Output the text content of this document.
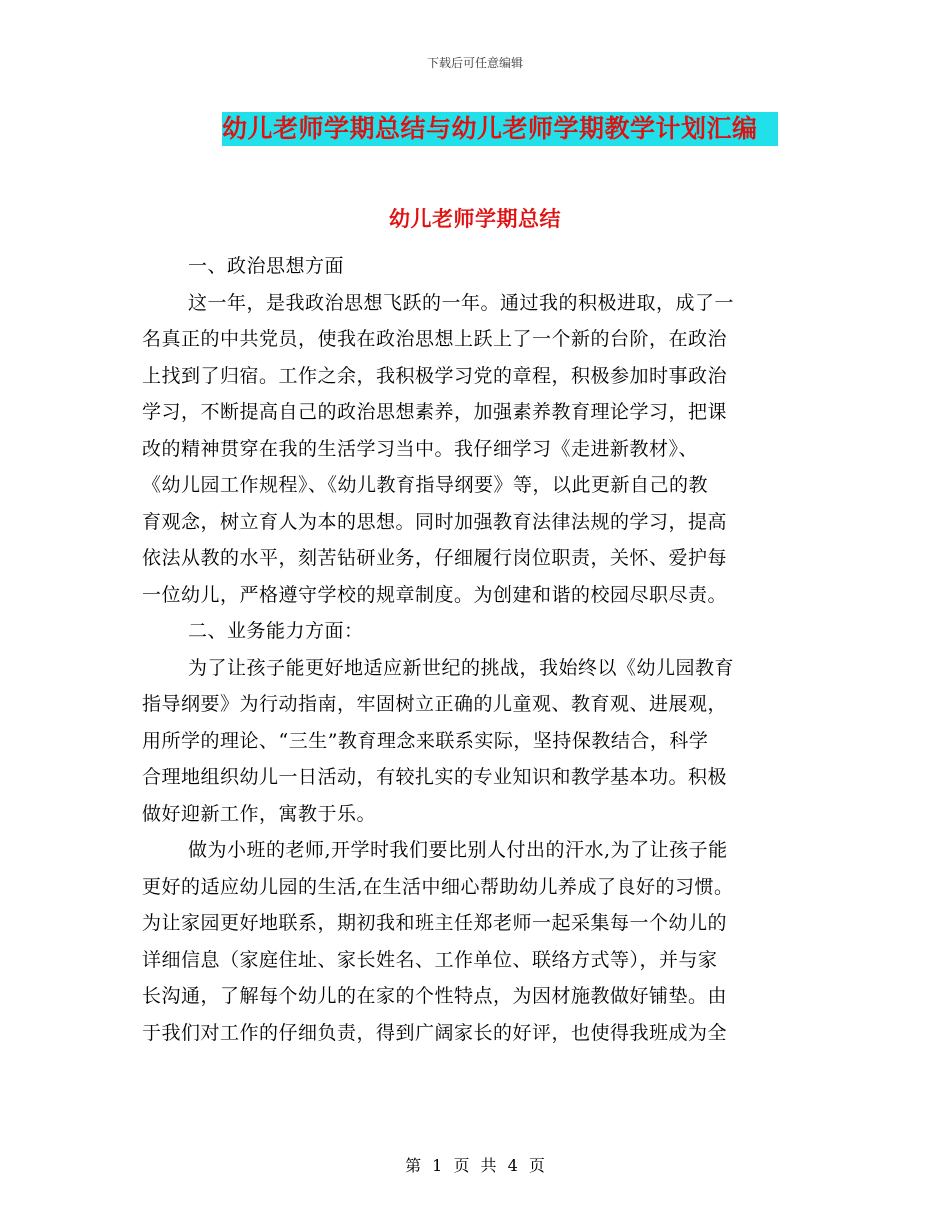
下载后可任意编辑
幼儿老师学期总结与幼儿老师学期教学计划汇编
幼儿老师学期总结
一、政治思想方面
这一年，是我政治思想飞跃的一年。通过我的积极进取，成了一
名真正的中共党员，使我在政治思想上跃上了一个新的台阶，在政治
上找到了归宿。工作之余，我积极学习党的章程，积极参加时事政治
学习，不断提高自己的政治思想素养，加强素养教育理论学习，把课
改的精神贯穿在我的生活学习当中。我仔细学习《走进新教材》、
《幼儿园工作规程》、《幼儿教育指导纲要》等，以此更新自己的教
育观念，树立育人为本的思想。同时加强教育法律法规的学习，提高
依法从教的水平，刻苦钻研业务，仔细履行岗位职责，关怀、爱护每
一位幼儿，严格遵守学校的规章制度。为创建和谐的校园尽职尽责。
二、业务能力方面：
为了让孩子能更好地适应新世纪的挑战，我始终以《幼儿园教育
指导纲要》为行动指南，牢固树立正确的儿童观、教育观、进展观，
用所学的理论、“三生”教育理念来联系实际，坚持保教结合，科学
合理地组织幼儿一日活动，有较扎实的专业知识和教学基本功。积极
做好迎新工作，寓教于乐。
做为小班的老师,开学时我们要比别人付出的汗水,为了让孩子能
更好的适应幼儿园的生活,在生活中细心帮助幼儿养成了良好的习惯。
为让家园更好地联系，期初我和班主任郑老师一起采集每一个幼儿的
详细信息（家庭住址、家长姓名、工作单位、联络方式等），并与家
长沟通，了解每个幼儿的在家的个性特点，为因材施教做好铺垫。由
于我们对工作的仔细负责，得到广阔家长的好评，也使得我班成为全
第 1 页 共 4 页
